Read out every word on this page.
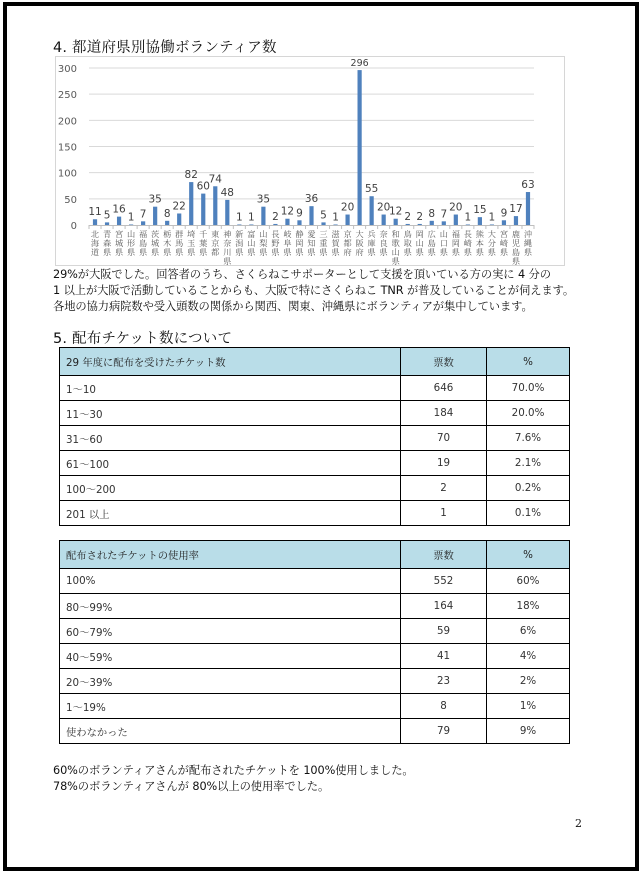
4. 都道府県別協働ボランティア数
0
50
100
150
200
250
300
11
北海道
5
青森県
16
宮城県
1
山形県
7
福島県
35
茨城県
8
栃木県
22
群馬県
82
埼玉県
60
千葉県
74
東京都
48
神奈川県
1
新潟県
1
富山県
35
山梨県
2
長野県
12
岐阜県
9
静岡県
36
愛知県
5
三重県
1
滋賀県
20
京都府
296
大阪府
55
兵庫県
20
奈良県
12
和歌山県
2
鳥取県
2
岡山県
8
広島県
7
山口県
20
福岡県
1
長崎県
15
熊本県
1
大分県
9
宮崎県
17
鹿児島県
63
沖縄県
29%が大阪でした。回答者のうち、さくらねこサポーターとして支援を頂いている方の実に 4 分の
1 以上が大阪で活動していることからも、大阪で特にさくらねこ TNR が普及していることが伺えます。
各地の協力病院数や受入頭数の関係から関西、関東、沖縄県にボランティアが集中しています。
5. 配布チケット数について
29 年度に配布を受けたチケット数	票数	%
1～10	646	70.0%
11～30	184	20.0%
31～60	70	7.6%
61～100	19	2.1%
100～200	2	0.2%
201 以上	1	0.1%
配布されたチケットの使用率	票数	%
100%	552	60%
80～99%	164	18%
60～79%	59	6%
40～59%	41	4%
20～39%	23	2%
1～19%	8	1%
使わなかった	79	9%
60%のボランティアさんが配布されたチケットを 100%使用しました。
78%のボランティアさんが 80%以上の使用率でした。
2
